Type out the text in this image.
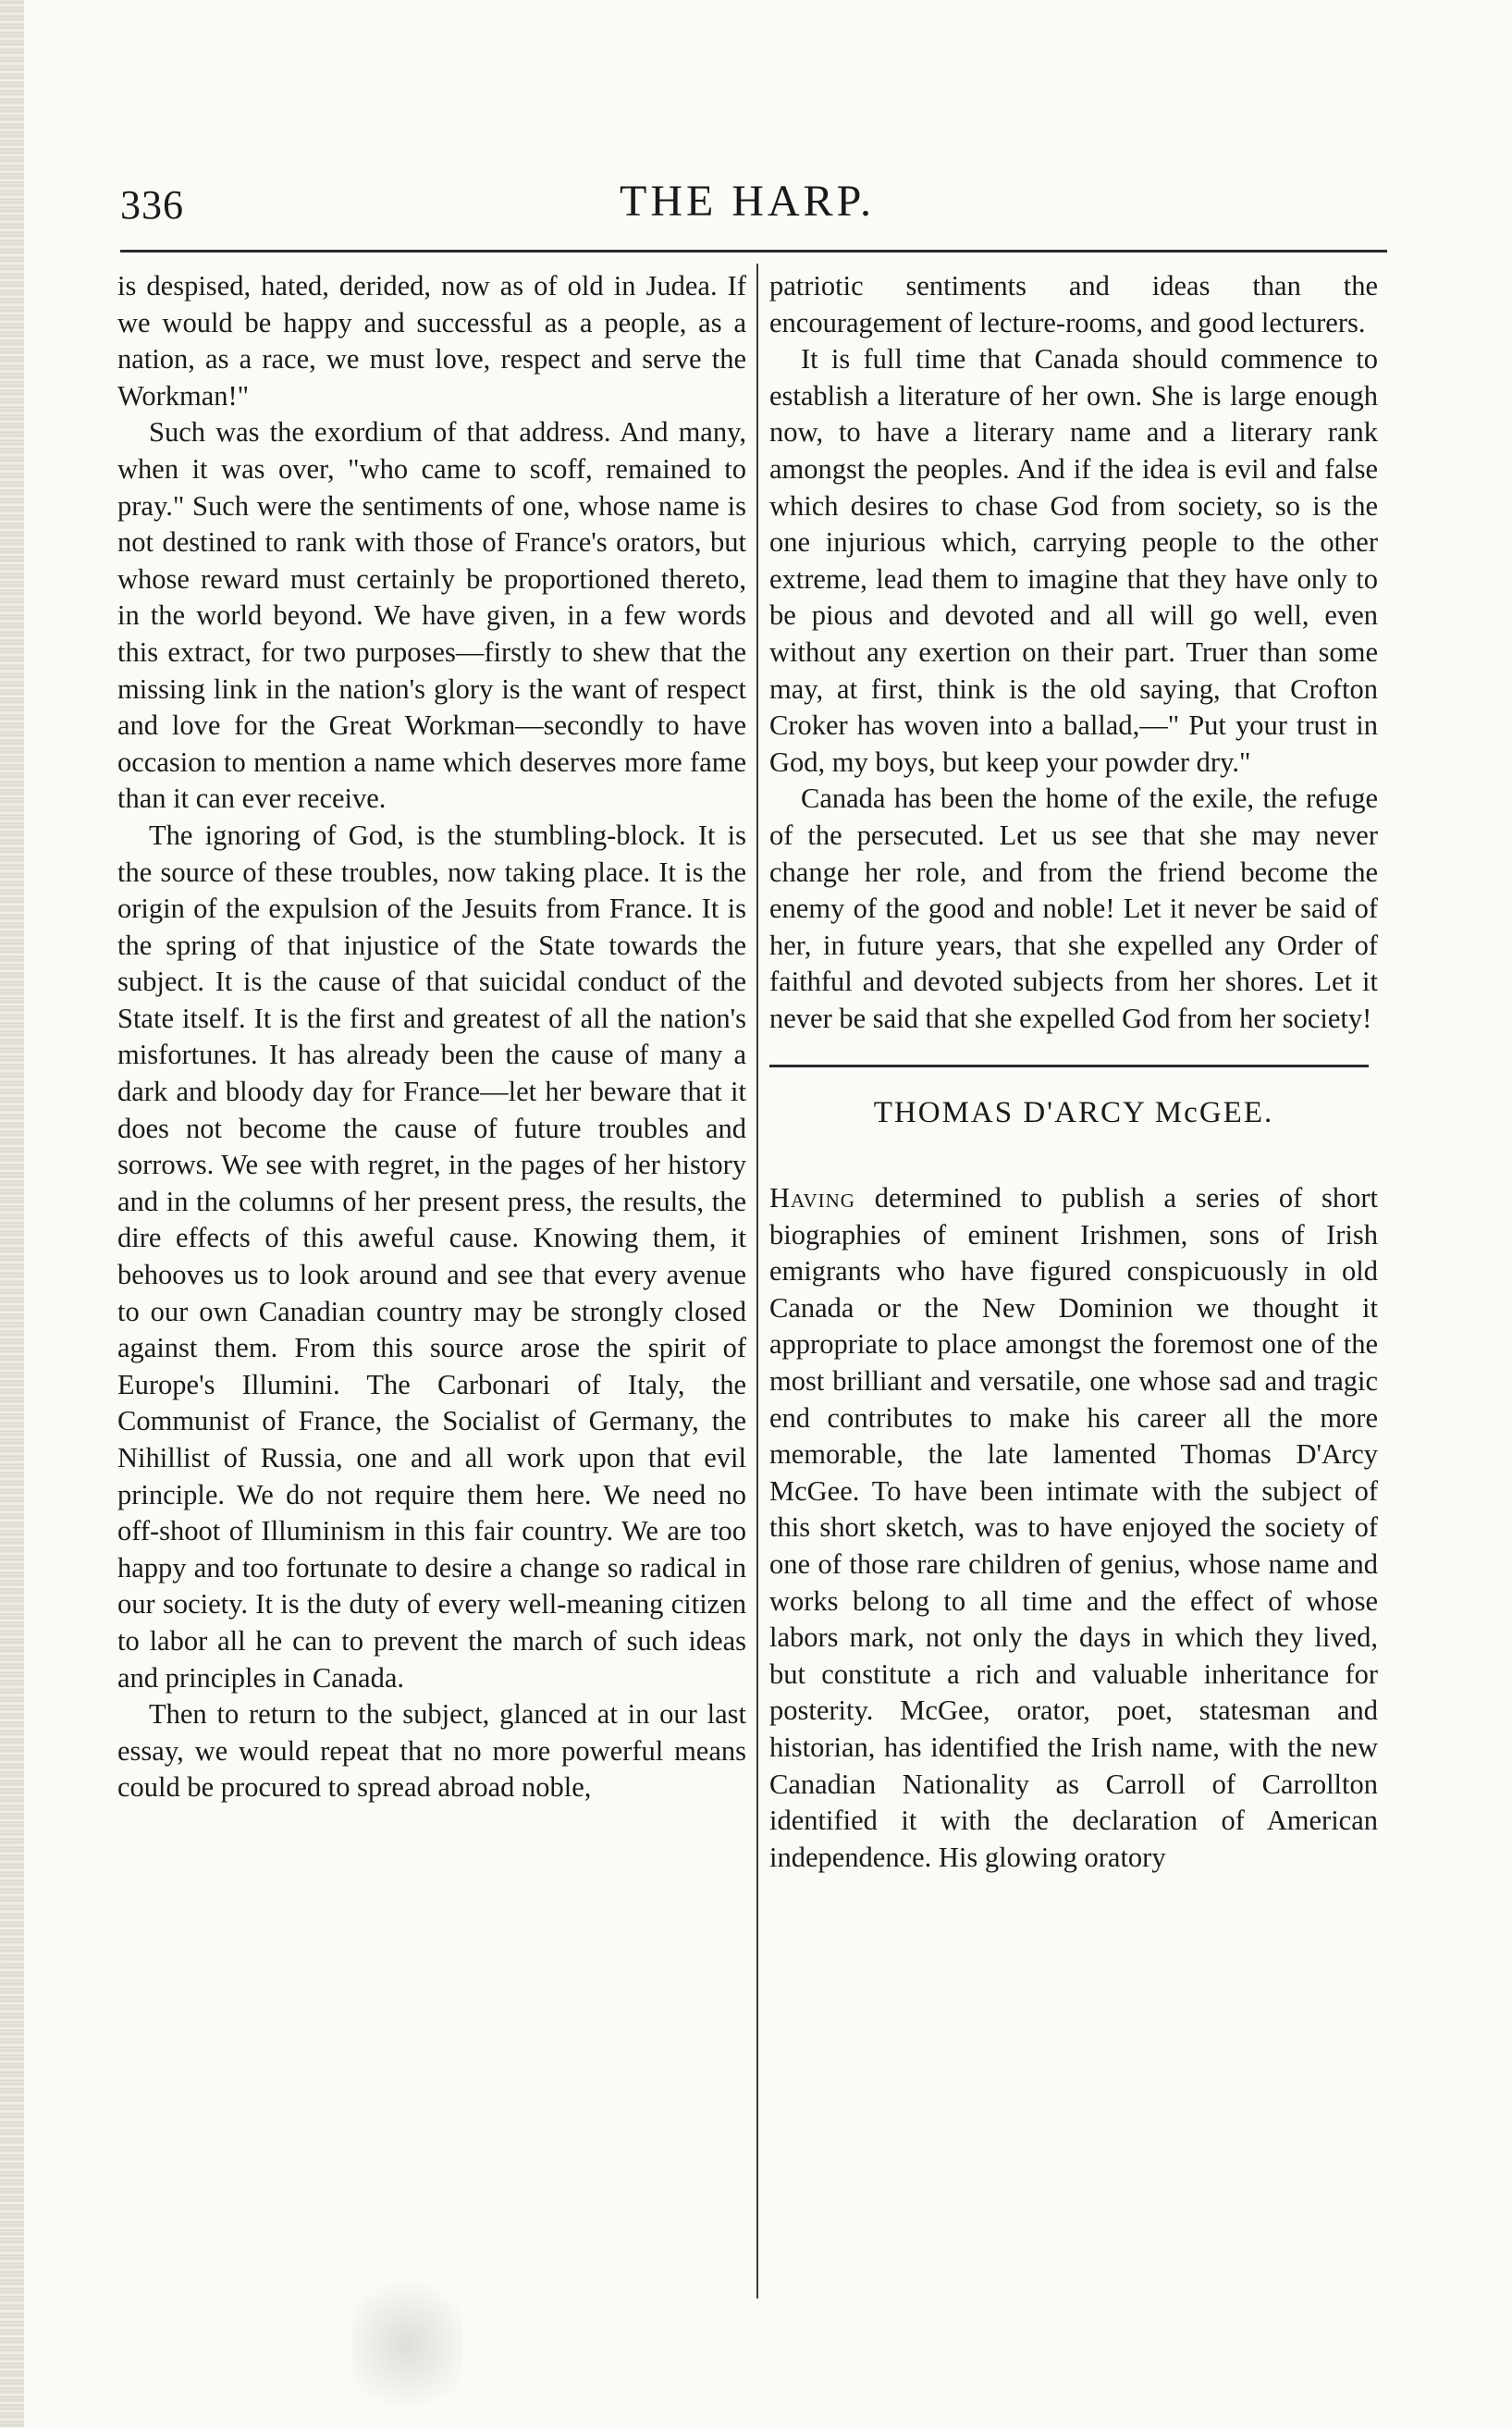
336	THE HARP.

is despised, hated, derided, now as of old in Judea. If we would be happy and successful as a people, as a nation, as a race, we must love, respect and serve the Workman!"

Such was the exordium of that address. And many, when it was over, "who came to scoff, remained to pray." Such were the sentiments of one, whose name is not destined to rank with those of France's orators, but whose reward must certainly be proportioned thereto, in the world beyond. We have given, in a few words this extract, for two purposes—firstly to shew that the missing link in the nation's glory is the want of respect and love for the Great Workman—secondly to have occasion to mention a name which deserves more fame than it can ever receive.

The ignoring of God, is the stumbling-block. It is the source of these troubles, now taking place. It is the origin of the expulsion of the Jesuits from France. It is the spring of that injustice of the State towards the subject. It is the cause of that suicidal conduct of the State itself. It is the first and greatest of all the nation's misfortunes. It has already been the cause of many a dark and bloody day for France—let her beware that it does not become the cause of future troubles and sorrows. We see with regret, in the pages of her history and in the columns of her present press, the results, the dire effects of this aweful cause. Knowing them, it behooves us to look around and see that every avenue to our own Canadian country may be strongly closed against them. From this source arose the spirit of Europe's Illumini. The Carbonari of Italy, the Communist of France, the Socialist of Germany, the Nihillist of Russia, one and all work upon that evil principle. We do not require them here. We need no off-shoot of Illuminism in this fair country. We are too happy and too fortunate to desire a change so radical in our society. It is the duty of every well-meaning citizen to labor all he can to prevent the march of such ideas and principles in Canada.

Then to return to the subject, glanced at in our last essay, we would repeat that no more powerful means could be procured to spread abroad noble,

patriotic sentiments and ideas than the encouragement of lecture-rooms, and good lecturers.

It is full time that Canada should commence to establish a literature of her own. She is large enough now, to have a literary name and a literary rank amongst the peoples. And if the idea is evil and false which desires to chase God from society, so is the one injurious which, carrying people to the other extreme, lead them to imagine that they have only to be pious and devoted and all will go well, even without any exertion on their part. Truer than some may, at first, think is the old saying, that Crofton Croker has woven into a ballad,—" Put your trust in God, my boys, but keep your powder dry."

Canada has been the home of the exile, the refuge of the persecuted. Let us see that she may never change her role, and from the friend become the enemy of the good and noble! Let it never be said of her, in future years, that she expelled any Order of faithful and devoted subjects from her shores. Let it never be said that she expelled God from her society!

THOMAS D'ARCY McGEE.

Having determined to publish a series of short biographies of eminent Irishmen, sons of Irish emigrants who have figured conspicuously in old Canada or the New Dominion we thought it appropriate to place amongst the foremost one of the most brilliant and versatile, one whose sad and tragic end contributes to make his career all the more memorable, the late lamented Thomas D'Arcy McGee. To have been intimate with the subject of this short sketch, was to have enjoyed the society of one of those rare children of genius, whose name and works belong to all time and the effect of whose labors mark, not only the days in which they lived, but constitute a rich and valuable inheritance for posterity. McGee, orator, poet, statesman and historian, has identified the Irish name, with the new Canadian Nationality as Carroll of Carrollton identified it with the declaration of American independence. His glowing oratory
